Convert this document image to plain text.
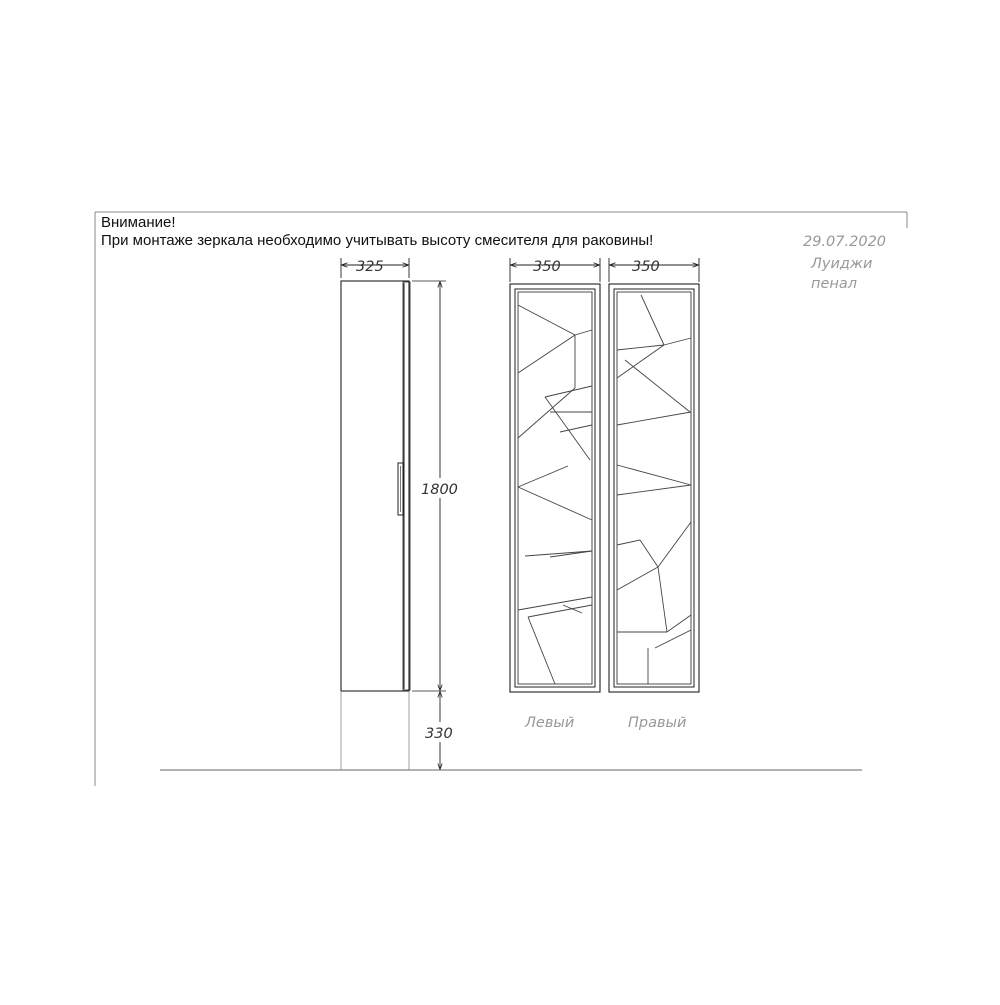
Внимание!
При монтаже зеркала необходимо учитывать высоту смесителя для раковины!	29.07.2020
Луиджи
пенал
325
1800
330
350	350
Левый	Правый
